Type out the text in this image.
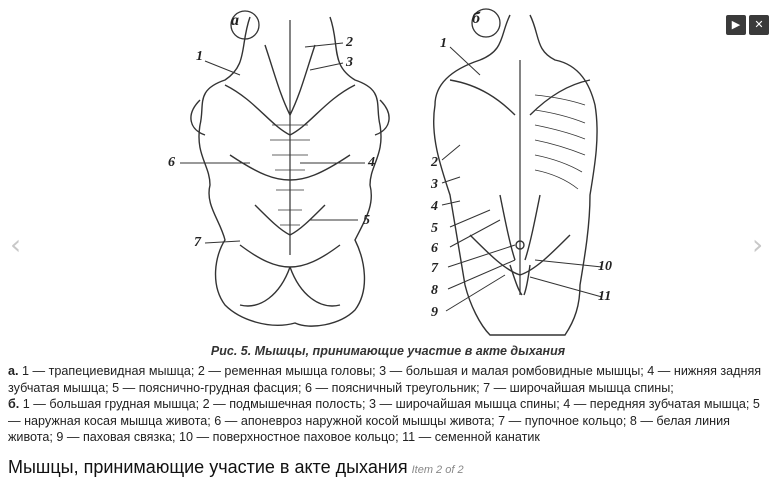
а	б
1
2
3
4
5
6
7
1
2
3
4
5
6
7
8
9
10
11
Рис. 5. Мышцы, принимающие участие в акте дыхания
а. 1 — трапециевидная мышца; 2 — ременная мышца головы; 3 — большая и малая ромбовидные мышцы; 4 — нижняя задняя зубчатая мышца; 5 — пояснично-грудная фасция; 6 — поясничный треугольник; 7 — широчайшая мышца спины;
б. 1 — большая грудная мышца; 2 — подмышечная полость; 3 — широчайшая мышца спины; 4 — передняя зубчатая мышца; 5 — наружная косая мышца живота; 6 — апоневроз наружной косой мышцы живота; 7 — пупочное кольцо; 8 — белая линия живота; 9 — паховая связка; 10 — поверхностное паховое кольцо; 11 — семенной канатик
▶	✕
‹	›
Мышцы, принимающие участие в акте дыхания Item 2 of 2
